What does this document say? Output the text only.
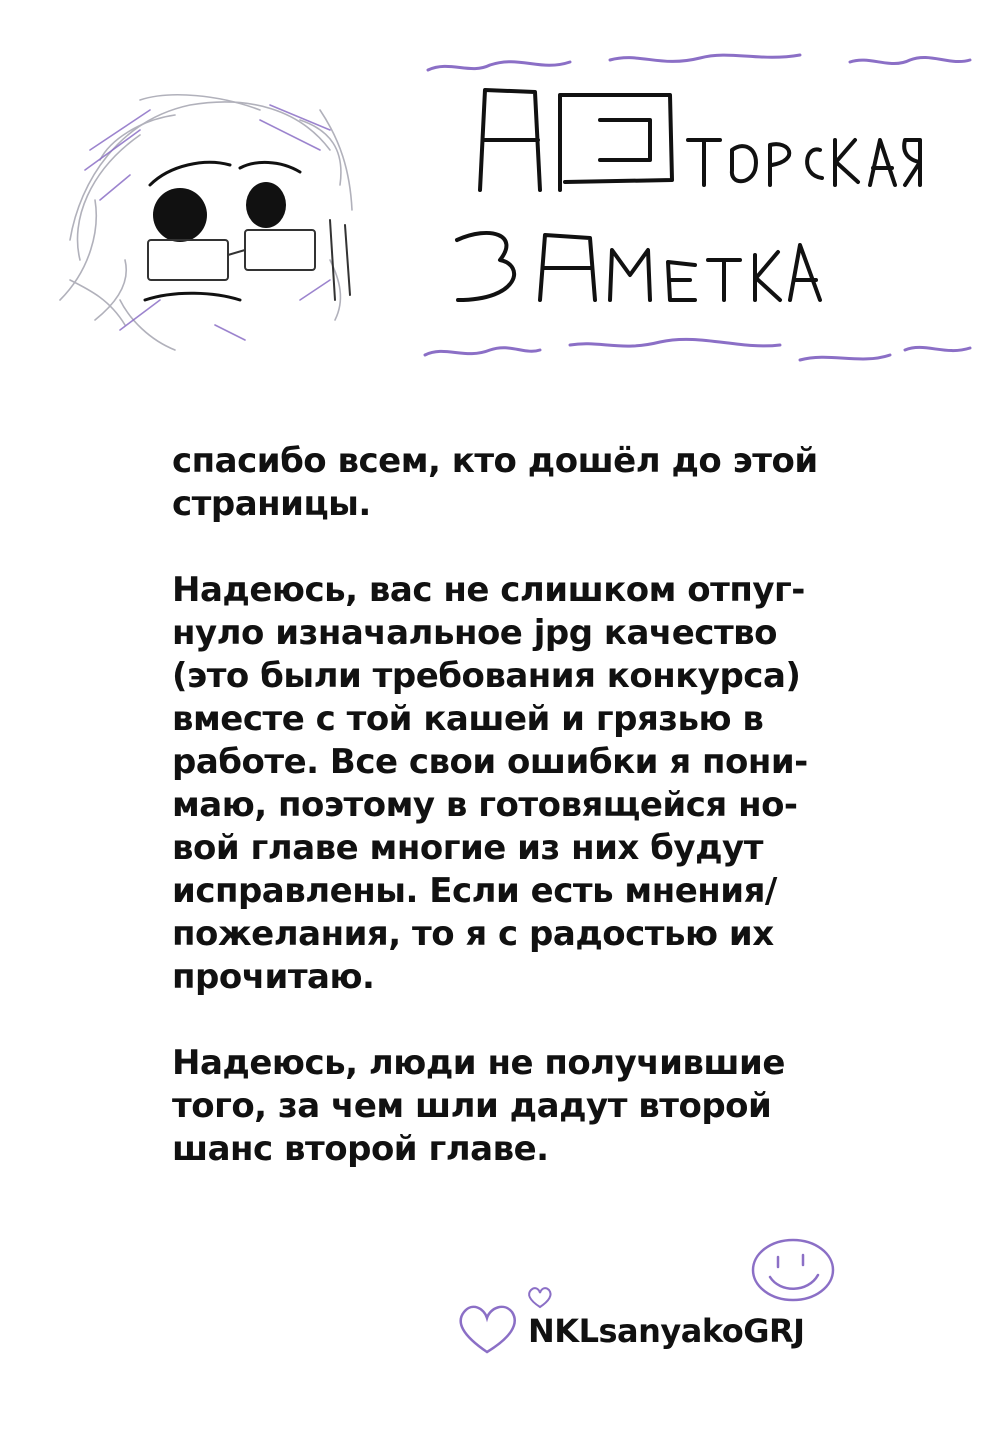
спасибо всем, кто дошёл до этой
страницы.

Надеюсь, вас не слишком отпуг-
нуло изначальное jpg качество
(это были требования конкурса)
вместе с той кашей и грязью в
работе. Все свои ошибки я пони-
маю, поэтому в готовящейся но-
вой главе многие из них будут
исправлены. Если есть мнения/
пожелания, то я с радостью их
прочитаю.

Надеюсь, люди не получившие
того, за чем шли дадут второй
шанс второй главе.

NKLsanyakoGRJ
